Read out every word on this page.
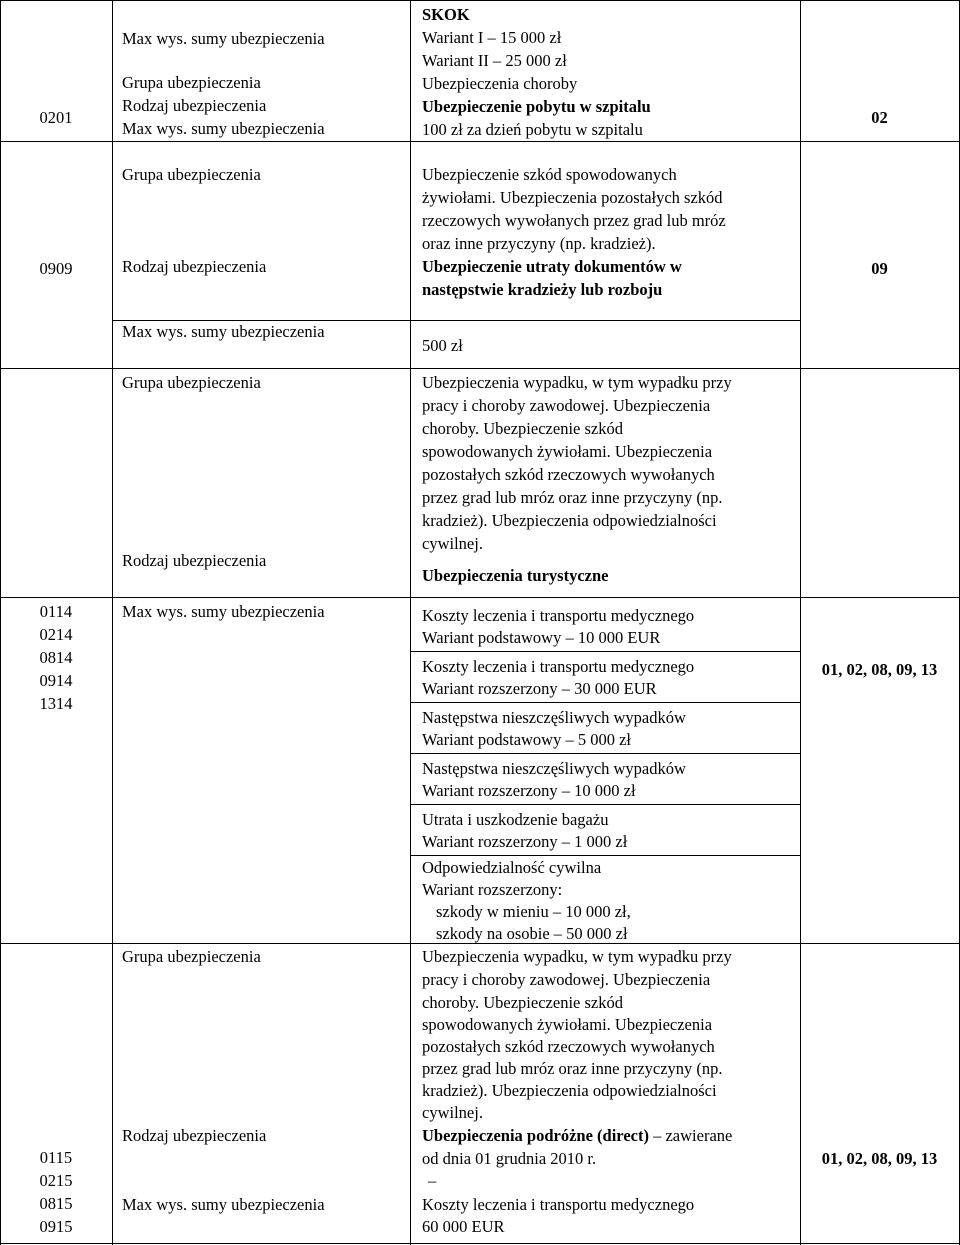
0201
Max wys. sumy ubezpieczenia
Grupa ubezpieczenia
Rodzaj ubezpieczenia
Max wys. sumy ubezpieczenia
SKOK
Wariant I – 15 000 zł
Wariant II – 25 000 zł
Ubezpieczenia choroby
Ubezpieczenie pobytu w szpitalu
100 zł za dzień pobytu w szpitalu
02
0909
Grupa ubezpieczenia
Rodzaj ubezpieczenia
Max wys. sumy ubezpieczenia
Ubezpieczenie szkód spowodowanych
żywiołami. Ubezpieczenia pozostałych szkód
rzeczowych wywołanych przez grad lub mróz
oraz inne przyczyny (np. kradzież).
Ubezpieczenie utraty dokumentów w
następstwie kradzieży lub rozboju
500 zł
09
0114
0214
0814
0914
1314
Grupa ubezpieczenia
Rodzaj ubezpieczenia
Max wys. sumy ubezpieczenia
Ubezpieczenia wypadku, w tym wypadku przy
pracy i choroby zawodowej. Ubezpieczenia
choroby. Ubezpieczenie szkód
spowodowanych żywiołami. Ubezpieczenia
pozostałych szkód rzeczowych wywołanych
przez grad lub mróz oraz inne przyczyny (np.
kradzież). Ubezpieczenia odpowiedzialności
cywilnej.
Ubezpieczenia turystyczne
Koszty leczenia i transportu medycznego
Wariant podstawowy – 10 000 EUR
Koszty leczenia i transportu medycznego
Wariant rozszerzony – 30 000 EUR
Następstwa nieszczęśliwych wypadków
Wariant podstawowy – 5 000 zł
Następstwa nieszczęśliwych wypadków
Wariant rozszerzony – 10 000 zł
Utrata i uszkodzenie bagażu
Wariant rozszerzony – 1 000 zł
Odpowiedzialność cywilna
Wariant rozszerzony:
szkody w mieniu – 10 000 zł,
szkody na osobie – 50 000 zł
01, 02, 08, 09, 13
0115
0215
0815
0915
Grupa ubezpieczenia
Rodzaj ubezpieczenia
Max wys. sumy ubezpieczenia
Ubezpieczenia wypadku, w tym wypadku przy
pracy i choroby zawodowej. Ubezpieczenia
choroby. Ubezpieczenie szkód
spowodowanych żywiołami. Ubezpieczenia
pozostałych szkód rzeczowych wywołanych
przez grad lub mróz oraz inne przyczyny (np.
kradzież). Ubezpieczenia odpowiedzialności
cywilnej.
Ubezpieczenia podróżne (direct) – zawierane
od dnia 01 grudnia 2010 r.
–
Koszty leczenia i transportu medycznego
60 000 EUR
01, 02, 08, 09, 13
